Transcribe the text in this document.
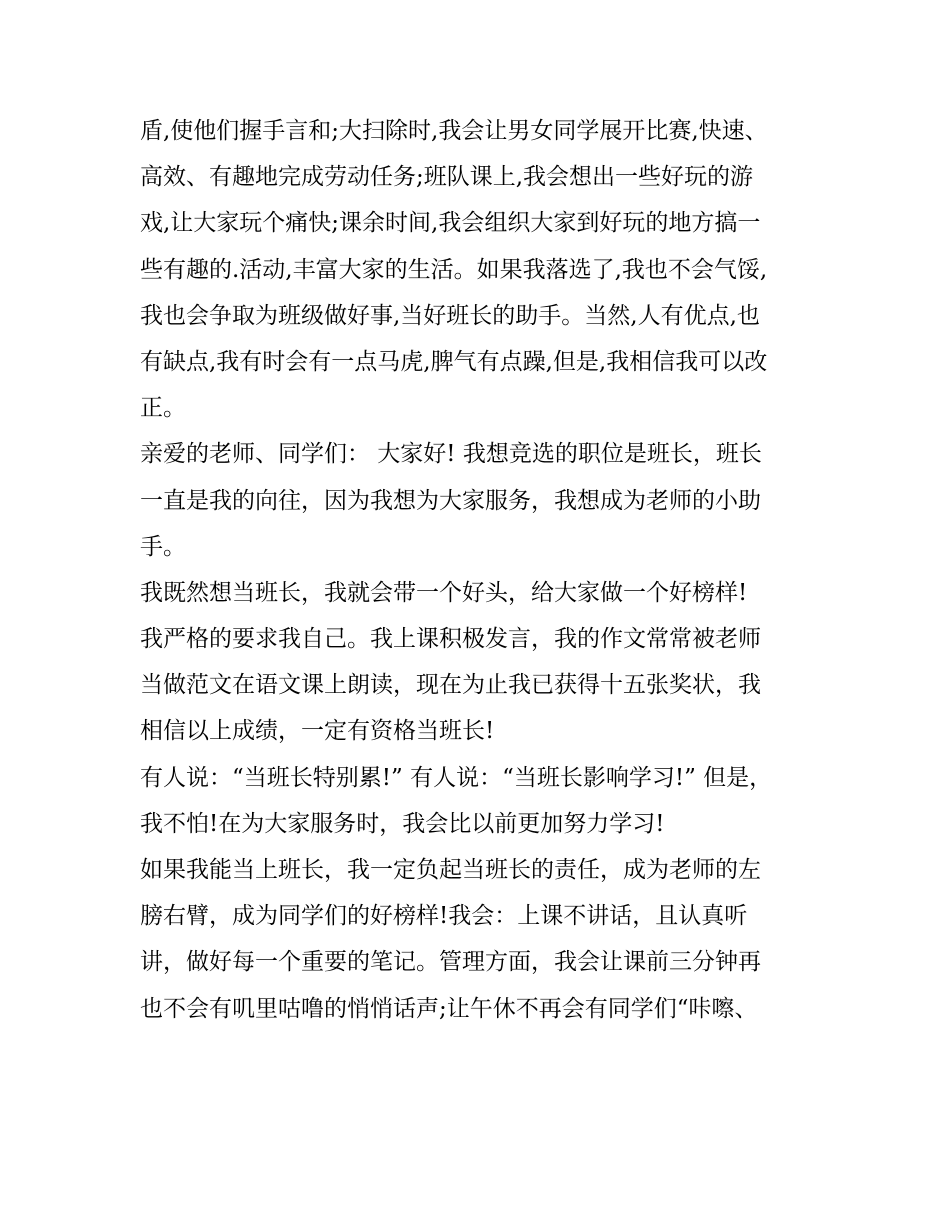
盾,使他们握手言和;大扫除时,我会让男女同学展开比赛,快速、
高效、有趣地完成劳动任务;班队课上,我会想出一些好玩的游
戏,让大家玩个痛快;课余时间,我会组织大家到好玩的地方搞一
些有趣的.活动,丰富大家的生活。如果我落选了,我也不会气馁,
我也会争取为班级做好事,当好班长的助手。当然,人有优点,也
有缺点,我有时会有一点马虎,脾气有点躁,但是,我相信我可以改
正。
亲爱的老师、同学们： 大家好! 我想竞选的职位是班长，班长
一直是我的向往，因为我想为大家服务，我想成为老师的小助
手。
我既然想当班长，我就会带一个好头，给大家做一个好榜样!
我严格的要求我自己。我上课积极发言，我的作文常常被老师
当做范文在语文课上朗读，现在为止我已获得十五张奖状，我
相信以上成绩，一定有资格当班长!
有人说：“当班长特别累!” 有人说：“当班长影响学习!” 但是，
我不怕!在为大家服务时，我会比以前更加努力学习!
如果我能当上班长，我一定负起当班长的责任，成为老师的左
膀右臂，成为同学们的好榜样!我会：上课不讲话，且认真听
讲，做好每一个重要的笔记。管理方面，我会让课前三分钟再
也不会有叽里咕噜的悄悄话声;让午休不再会有同学们“咔嚓、
